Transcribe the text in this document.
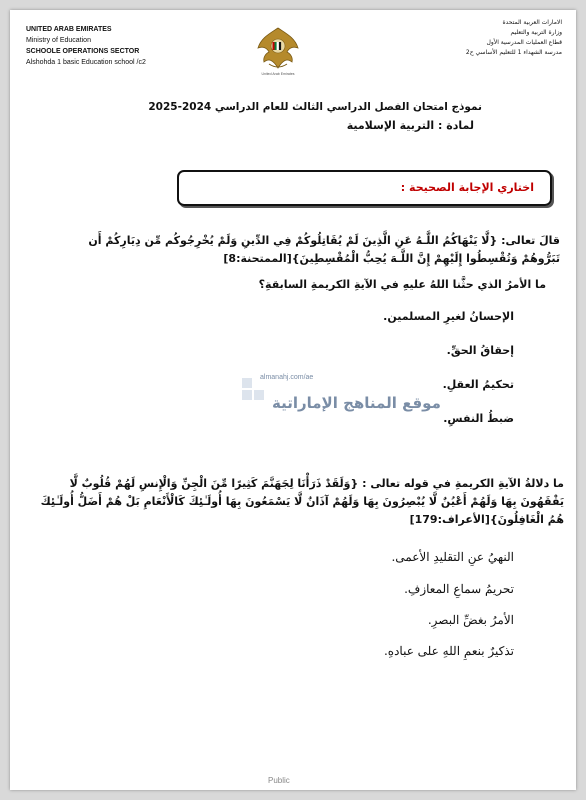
UNITED ARAB EMIRATES
Ministry of Education
SCHOOLE OPERATIONS SECTOR
Alshohda 1 basic Education school /c2
United Arab Emirates
الامارات العربية المتحدة
وزارة التربية والتعليم
قطاع العمليات المدرسية الأول
مدرسة الشهداء 1 للتعليم الأساسي ح2
نموذج امتحان الفصل الدراسي الثالث للعام الدراسي 2024-2025
لمادة : التربية الإسلامية
اختاري الإجابة الصحيحة :
قالَ تعالى: {لَّا يَنْهَاكُمُ اللَّـهُ عَنِ الَّذِينَ لَمْ يُقَاتِلُوكُمْ فِي الدِّينِ وَلَمْ يُخْرِجُوكُم مِّن دِيَارِكُمْ أَن تَبَرُّوهُمْ وَتُقْسِطُوا إِلَيْهِمْ إِنَّ اللَّـهَ يُحِبُّ الْمُقْسِطِينَ}[الممتحنة:8]
ما الأمرُ الذي حثَّنا اللهُ عليهِ في الآيةِ الكريمةِ السابقةِ؟
الإحسانُ لغيرِ المسلمين.
إحقاقُ الحقِّ.
تحكيمُ العقلِ.
ضبطُ النفسِ.
almanahj.com/ae
موقع المناهج الإماراتية
ما دلالةُ الآيةِ الكريمةِ في قوله تعالى : {وَلَقَدْ ذَرَأْنَا لِجَهَنَّمَ كَثِيرًا مِّنَ الْجِنِّ وَالْإِنسِ لَهُمْ قُلُوبٌ لَّا يَفْقَهُونَ بِهَا وَلَهُمْ أَعْيُنٌ لَّا يُبْصِرُونَ بِهَا وَلَهُمْ آذَانٌ لَّا يَسْمَعُونَ بِهَا أُولَـٰئِكَ كَالْأَنْعَامِ بَلْ هُمْ أَضَلُّ أُولَـٰئِكَ هُمُ الْغَافِلُونَ}[الأعراف:179]
النهيُ عنِ التقليدِ الأعمى.
تحريمُ سماعِ المعازفِ.
الأمرُ بغضِّ البصرِ.
تذكيرٌ بنعمِ اللهِ على عبادهِ.
Public
